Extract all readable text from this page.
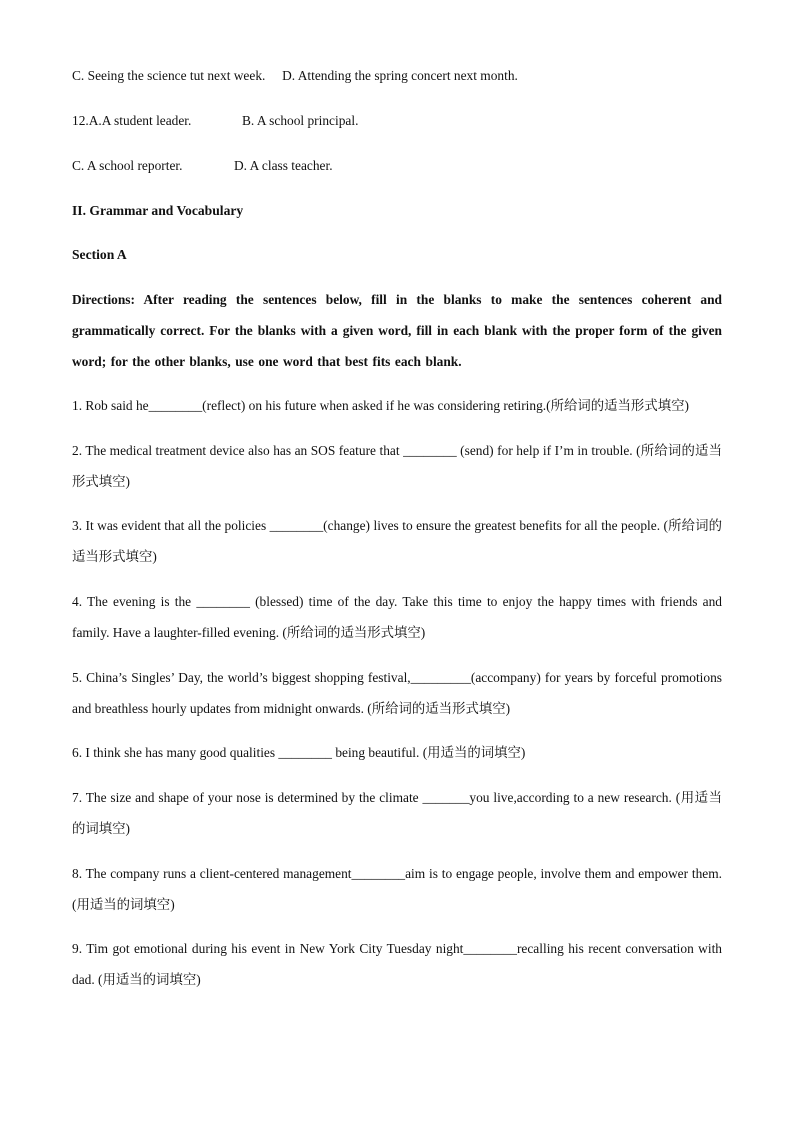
C. Seeing the science tut next week. D. Attending the spring concert next month.
12.A.A student leader.	B. A school principal.
C. A school reporter.	D. A class teacher.
II. Grammar and Vocabulary
Section A
Directions: After reading the sentences below, fill in the blanks to make the sentences coherent and grammatically correct. For the blanks with a given word, fill in each blank with the proper form of the given word; for the other blanks, use one word that best fits each blank.
1. Rob said he________(reflect) on his future when asked if he was considering retiring.(所给词的适当形式填空)
2. The medical treatment device also has an SOS feature that ________ (send) for help if I’m in trouble. (所给词的适当形式填空)
3. It was evident that all the policies ________(change) lives to ensure the greatest benefits for all the people. (所给词的适当形式填空)
4. The evening is the ________ (blessed) time of the day. Take this time to enjoy the happy times with friends and family. Have a laughter-filled evening. (所给词的适当形式填空)
5. China’s Singles’ Day, the world’s biggest shopping festival,_________(accompany) for years by forceful promotions and breathless hourly updates from midnight onwards. (所给词的适当形式填空)
6. I think she has many good qualities ________ being beautiful. (用适当的词填空)
7. The size and shape of your nose is determined by the climate _______you live,according to a new research. (用适当的词填空)
8. The company runs a client-centered management________aim is to engage people, involve them and empower them. (用适当的词填空)
9. Tim got emotional during his event in New York City Tuesday night________recalling his recent conversation with dad. (用适当的词填空)
